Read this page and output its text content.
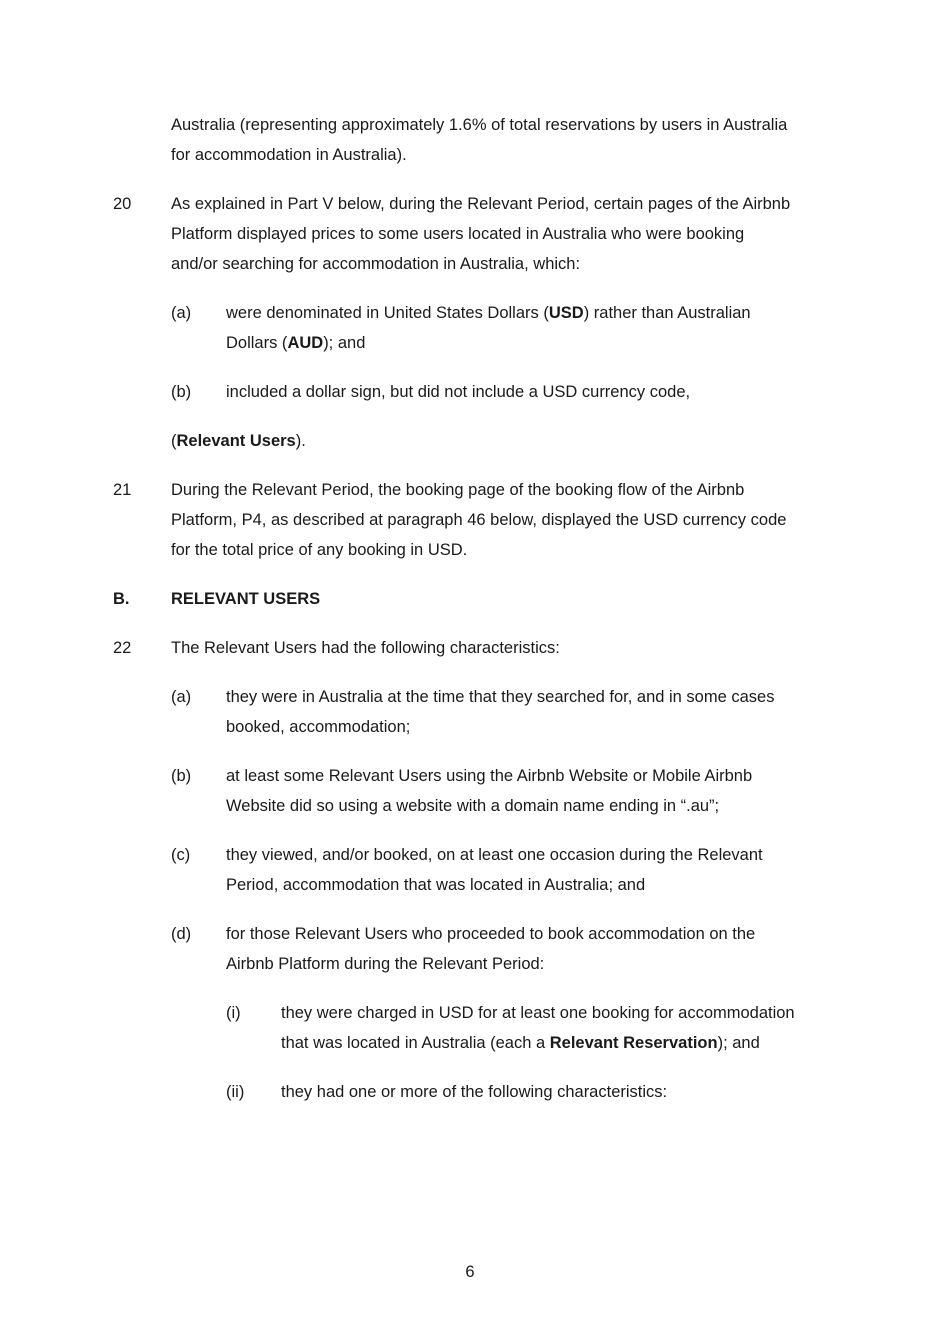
Australia (representing approximately 1.6% of total reservations by users in Australia
for accommodation in Australia).
20 As explained in Part V below, during the Relevant Period, certain pages of the Airbnb
Platform displayed prices to some users located in Australia who were booking
and/or searching for accommodation in Australia, which:
(a) were denominated in United States Dollars (USD) rather than Australian
Dollars (AUD); and
(b) included a dollar sign, but did not include a USD currency code,
(Relevant Users).
21 During the Relevant Period, the booking page of the booking flow of the Airbnb
Platform, P4, as described at paragraph 46 below, displayed the USD currency code
for the total price of any booking in USD.
B.	RELEVANT USERS
22 The Relevant Users had the following characteristics:
(a) they were in Australia at the time that they searched for, and in some cases
booked, accommodation;
(b) at least some Relevant Users using the Airbnb Website or Mobile Airbnb
Website did so using a website with a domain name ending in “.au”;
(c) they viewed, and/or booked, on at least one occasion during the Relevant
Period, accommodation that was located in Australia; and
(d) for those Relevant Users who proceeded to book accommodation on the
Airbnb Platform during the Relevant Period:
(i) they were charged in USD for at least one booking for accommodation
that was located in Australia (each a Relevant Reservation); and
(ii) they had one or more of the following characteristics:
6
